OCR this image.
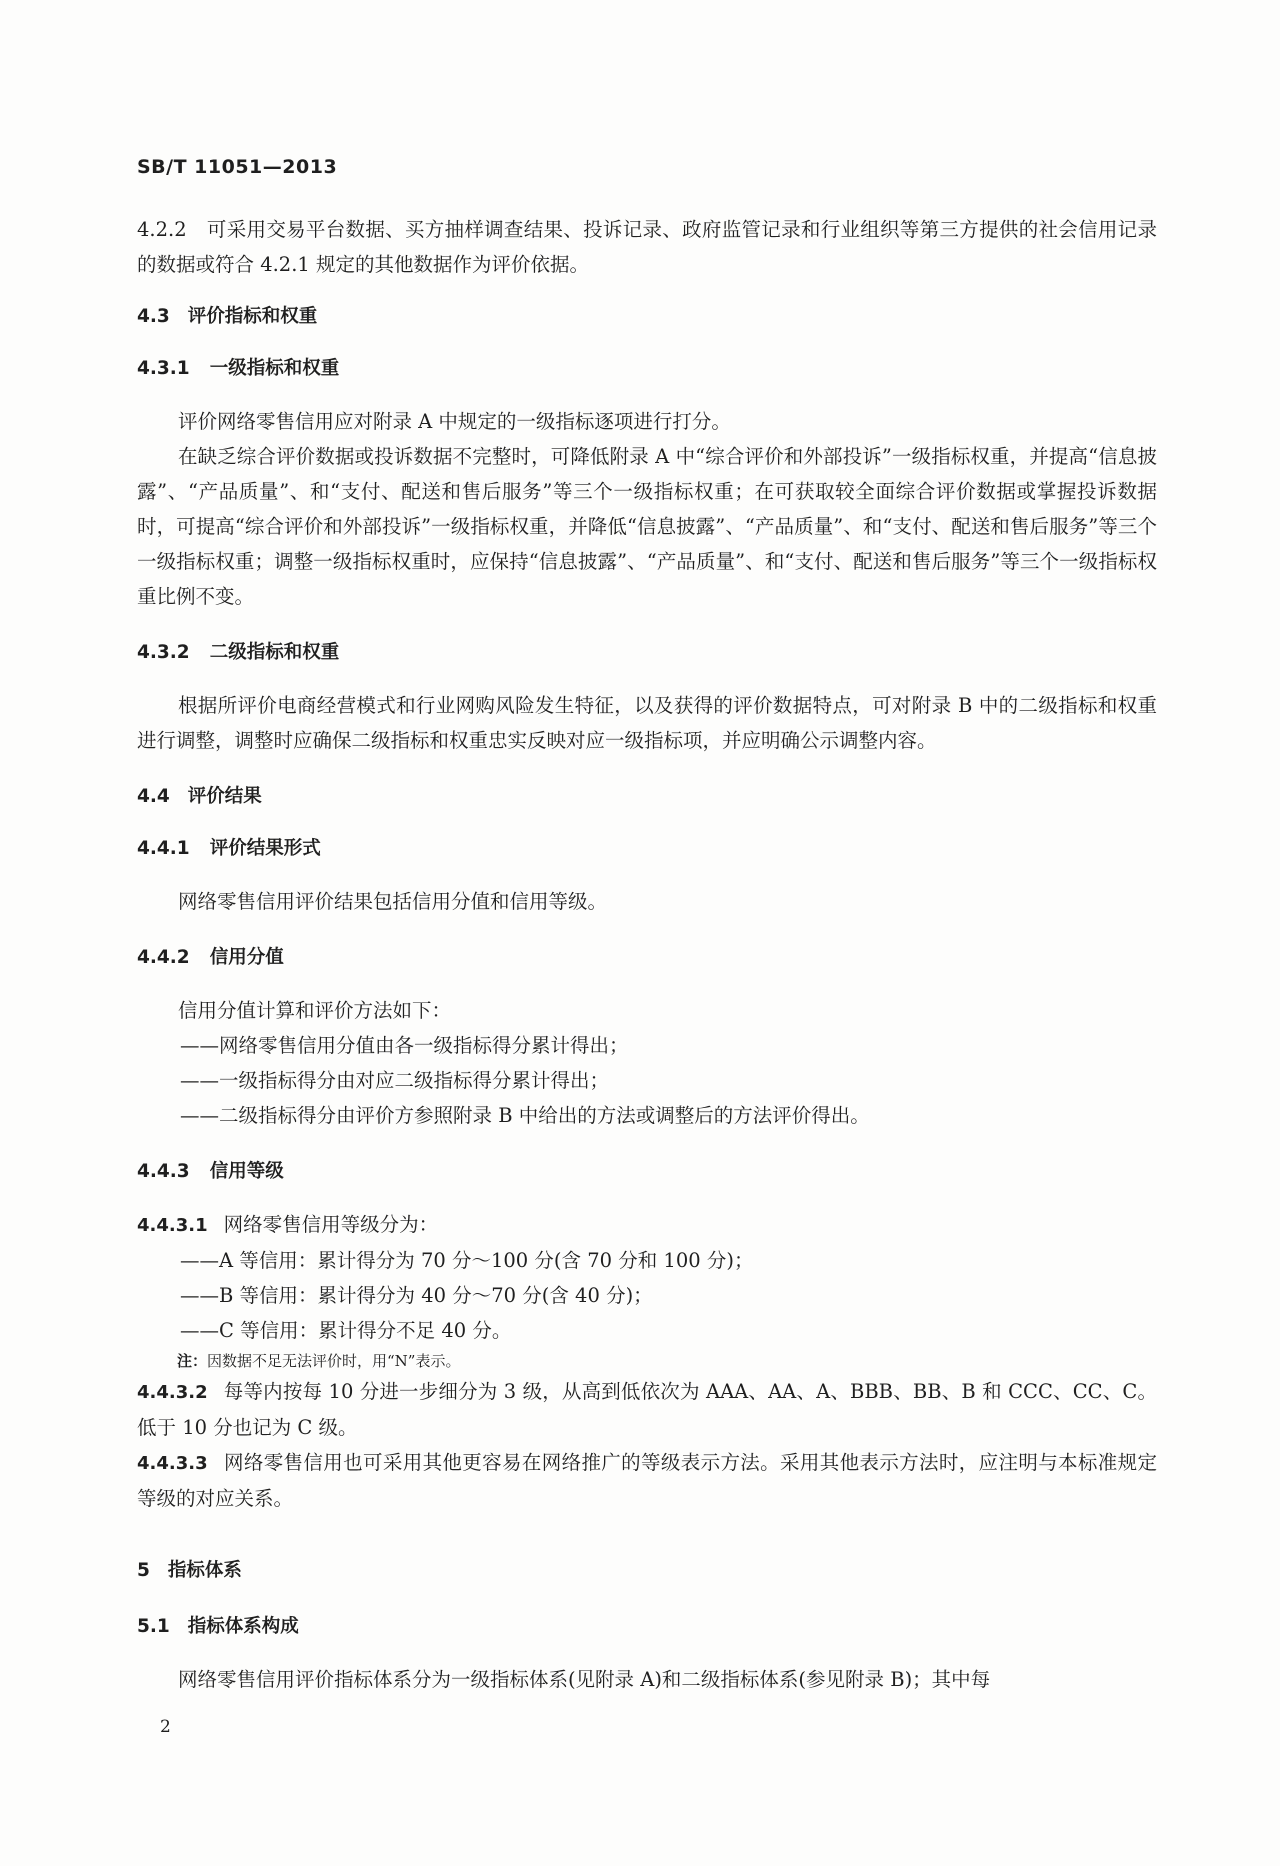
SB/T 11051—2013

4.2.2 可采用交易平台数据、买方抽样调查结果、投诉记录、政府监管记录和行业组织等第三方提供的社会信用记录的数据或符合 4.2.1 规定的其他数据作为评价依据。

4.3 评价指标和权重
4.3.1 一级指标和权重

评价网络零售信用应对附录 A 中规定的一级指标逐项进行打分。

在缺乏综合评价数据或投诉数据不完整时，可降低附录 A 中“综合评价和外部投诉”一级指标权重，并提高“信息披露”、“产品质量”、和“支付、配送和售后服务”等三个一级指标权重；在可获取较全面综合评价数据或掌握投诉数据时，可提高“综合评价和外部投诉”一级指标权重，并降低“信息披露”、“产品质量”、和“支付、配送和售后服务”等三个一级指标权重；调整一级指标权重时，应保持“信息披露”、“产品质量”、和“支付、配送和售后服务”等三个一级指标权重比例不变。

4.3.2 二级指标和权重

根据所评价电商经营模式和行业网购风险发生特征，以及获得的评价数据特点，可对附录 B 中的二级指标和权重进行调整，调整时应确保二级指标和权重忠实反映对应一级指标项，并应明确公示调整内容。

4.4 评价结果
4.4.1 评价结果形式

网络零售信用评价结果包括信用分值和信用等级。

4.4.2 信用分值

信用分值计算和评价方法如下：

——网络零售信用分值由各一级指标得分累计得出；

——一级指标得分由对应二级指标得分累计得出；

——二级指标得分由评价方参照附录 B 中给出的方法或调整后的方法评价得出。

4.4.3 信用等级

4.4.3.1 网络零售信用等级分为：

——A 等信用：累计得分为 70 分～100 分(含 70 分和 100 分)；

——B 等信用：累计得分为 40 分～70 分(含 40 分)；

——C 等信用：累计得分不足 40 分。

注：因数据不足无法评价时，用“N”表示。

4.4.3.2 每等内按每 10 分进一步细分为 3 级，从高到低依次为 AAA、AA、A、BBB、BB、B 和 CCC、CC、C。低于 10 分也记为 C 级。

4.4.3.3 网络零售信用也可采用其他更容易在网络推广的等级表示方法。采用其他表示方法时，应注明与本标准规定等级的对应关系。

5 指标体系
5.1 指标体系构成

网络零售信用评价指标体系分为一级指标体系(见附录 A)和二级指标体系(参见附录 B)；其中每

2
